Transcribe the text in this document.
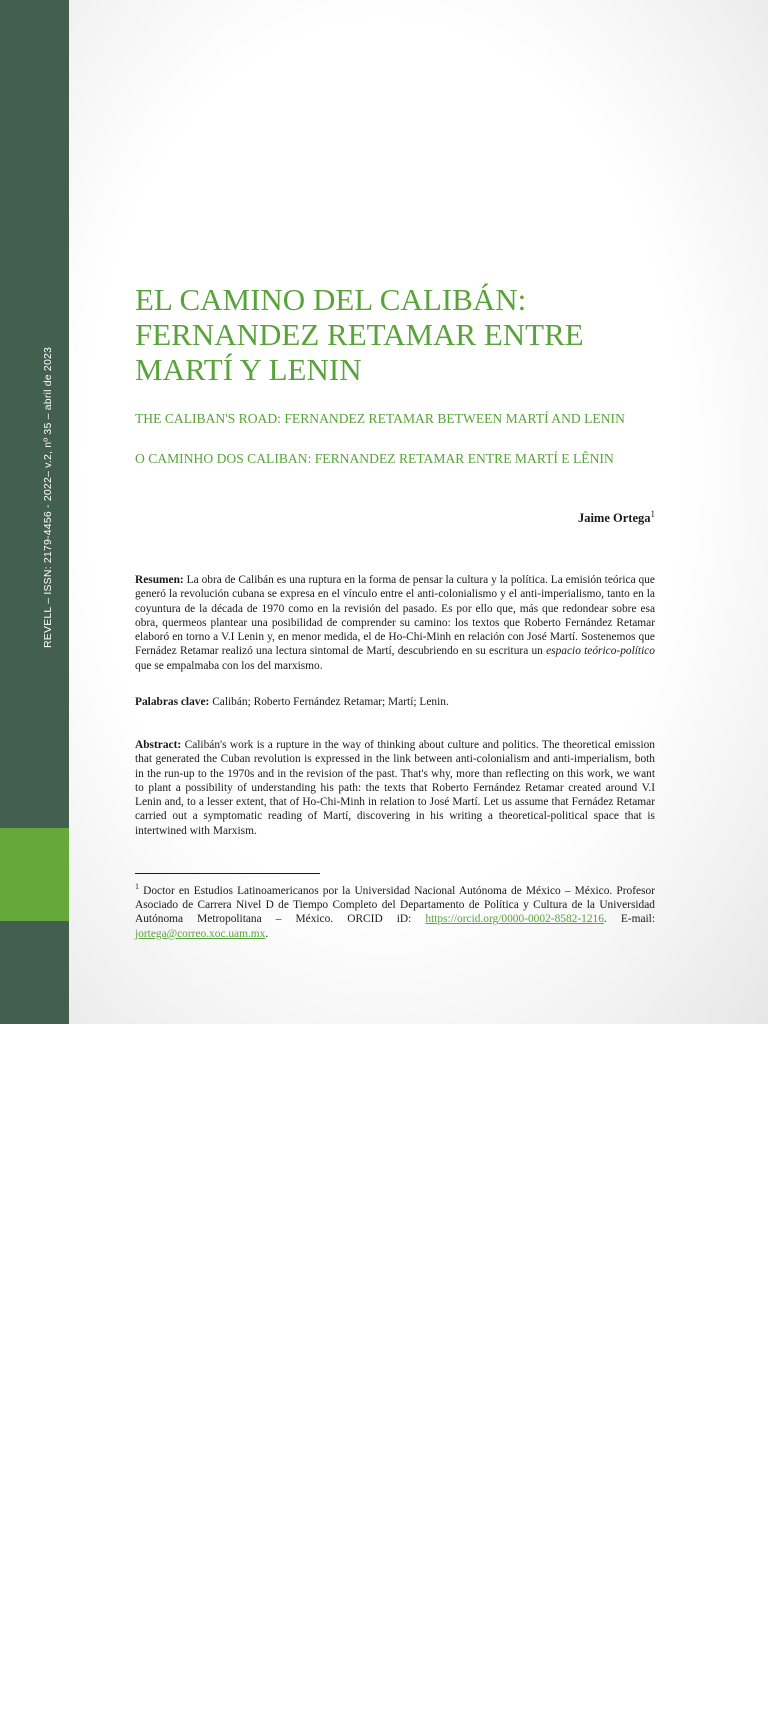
REVELL – ISSN: 2179-4456 - 2022– v.2, nº 35 – abril de 2023
44
EL CAMINO DEL CALIBÁN: FERNANDEZ RETAMAR ENTRE MARTÍ Y LENIN
THE CALIBAN'S ROAD: FERNANDEZ RETAMAR BETWEEN MARTÍ AND LENIN
O CAMINHO DOS CALIBAN: FERNANDEZ RETAMAR ENTRE MARTÍ E LÊNIN
Jaime Ortega$^1$

Resumen: La obra de Calibán es una ruptura en la forma de pensar la cultura y la política. La emisión teórica que generó la revolución cubana se expresa en el vínculo entre el anti-colonialismo y el anti-imperialismo, tanto en la coyuntura de la década de 1970 como en la revisión del pasado. Es por ello que, más que redondear sobre esa obra, quermeos plantear una posibilidad de comprender su camino: los textos que Roberto Fernández Retamar elaboró en torno a V.I Lenin y, en menor medida, el de Ho-Chi-Minh en relación con José Martí. Sostenemos que Fernádez Retamar realizó una lectura sintomal de Martí, descubriendo en su escritura un espacio teórico-político que se empalmaba con los del marxismo.

Palabras clave: Calibán; Roberto Fernández Retamar; Martí; Lenin.

Abstract: Calibán's work is a rupture in the way of thinking about culture and politics. The theoretical emission that generated the Cuban revolution is expressed in the link between anti-colonialism and anti-imperialism, both in the run-up to the 1970s and in the revision of the past. That's why, more than reflecting on this work, we want to plant a possibility of understanding his path: the texts that Roberto Fernández Retamar created around V.I Lenin and, to a lesser extent, that of Ho-Chi-Minh in relation to José Martí. Let us assume that Fernádez Retamar carried out a symptomatic reading of Martí, discovering in his writing a theoretical-political space that is intertwined with Marxism.

$^1$ Doctor en Estudios Latinoamericanos por la Universidad Nacional Autónoma de México – México. Profesor Asociado de Carrera Nivel D de Tiempo Completo del Departamento de Política y Cultura de la Universidad Autónoma Metropolitana – México. ORCID iD: https://orcid.org/0000-0002-8582-1216. E-mail: jortega@correo.xoc.uam.mx.
